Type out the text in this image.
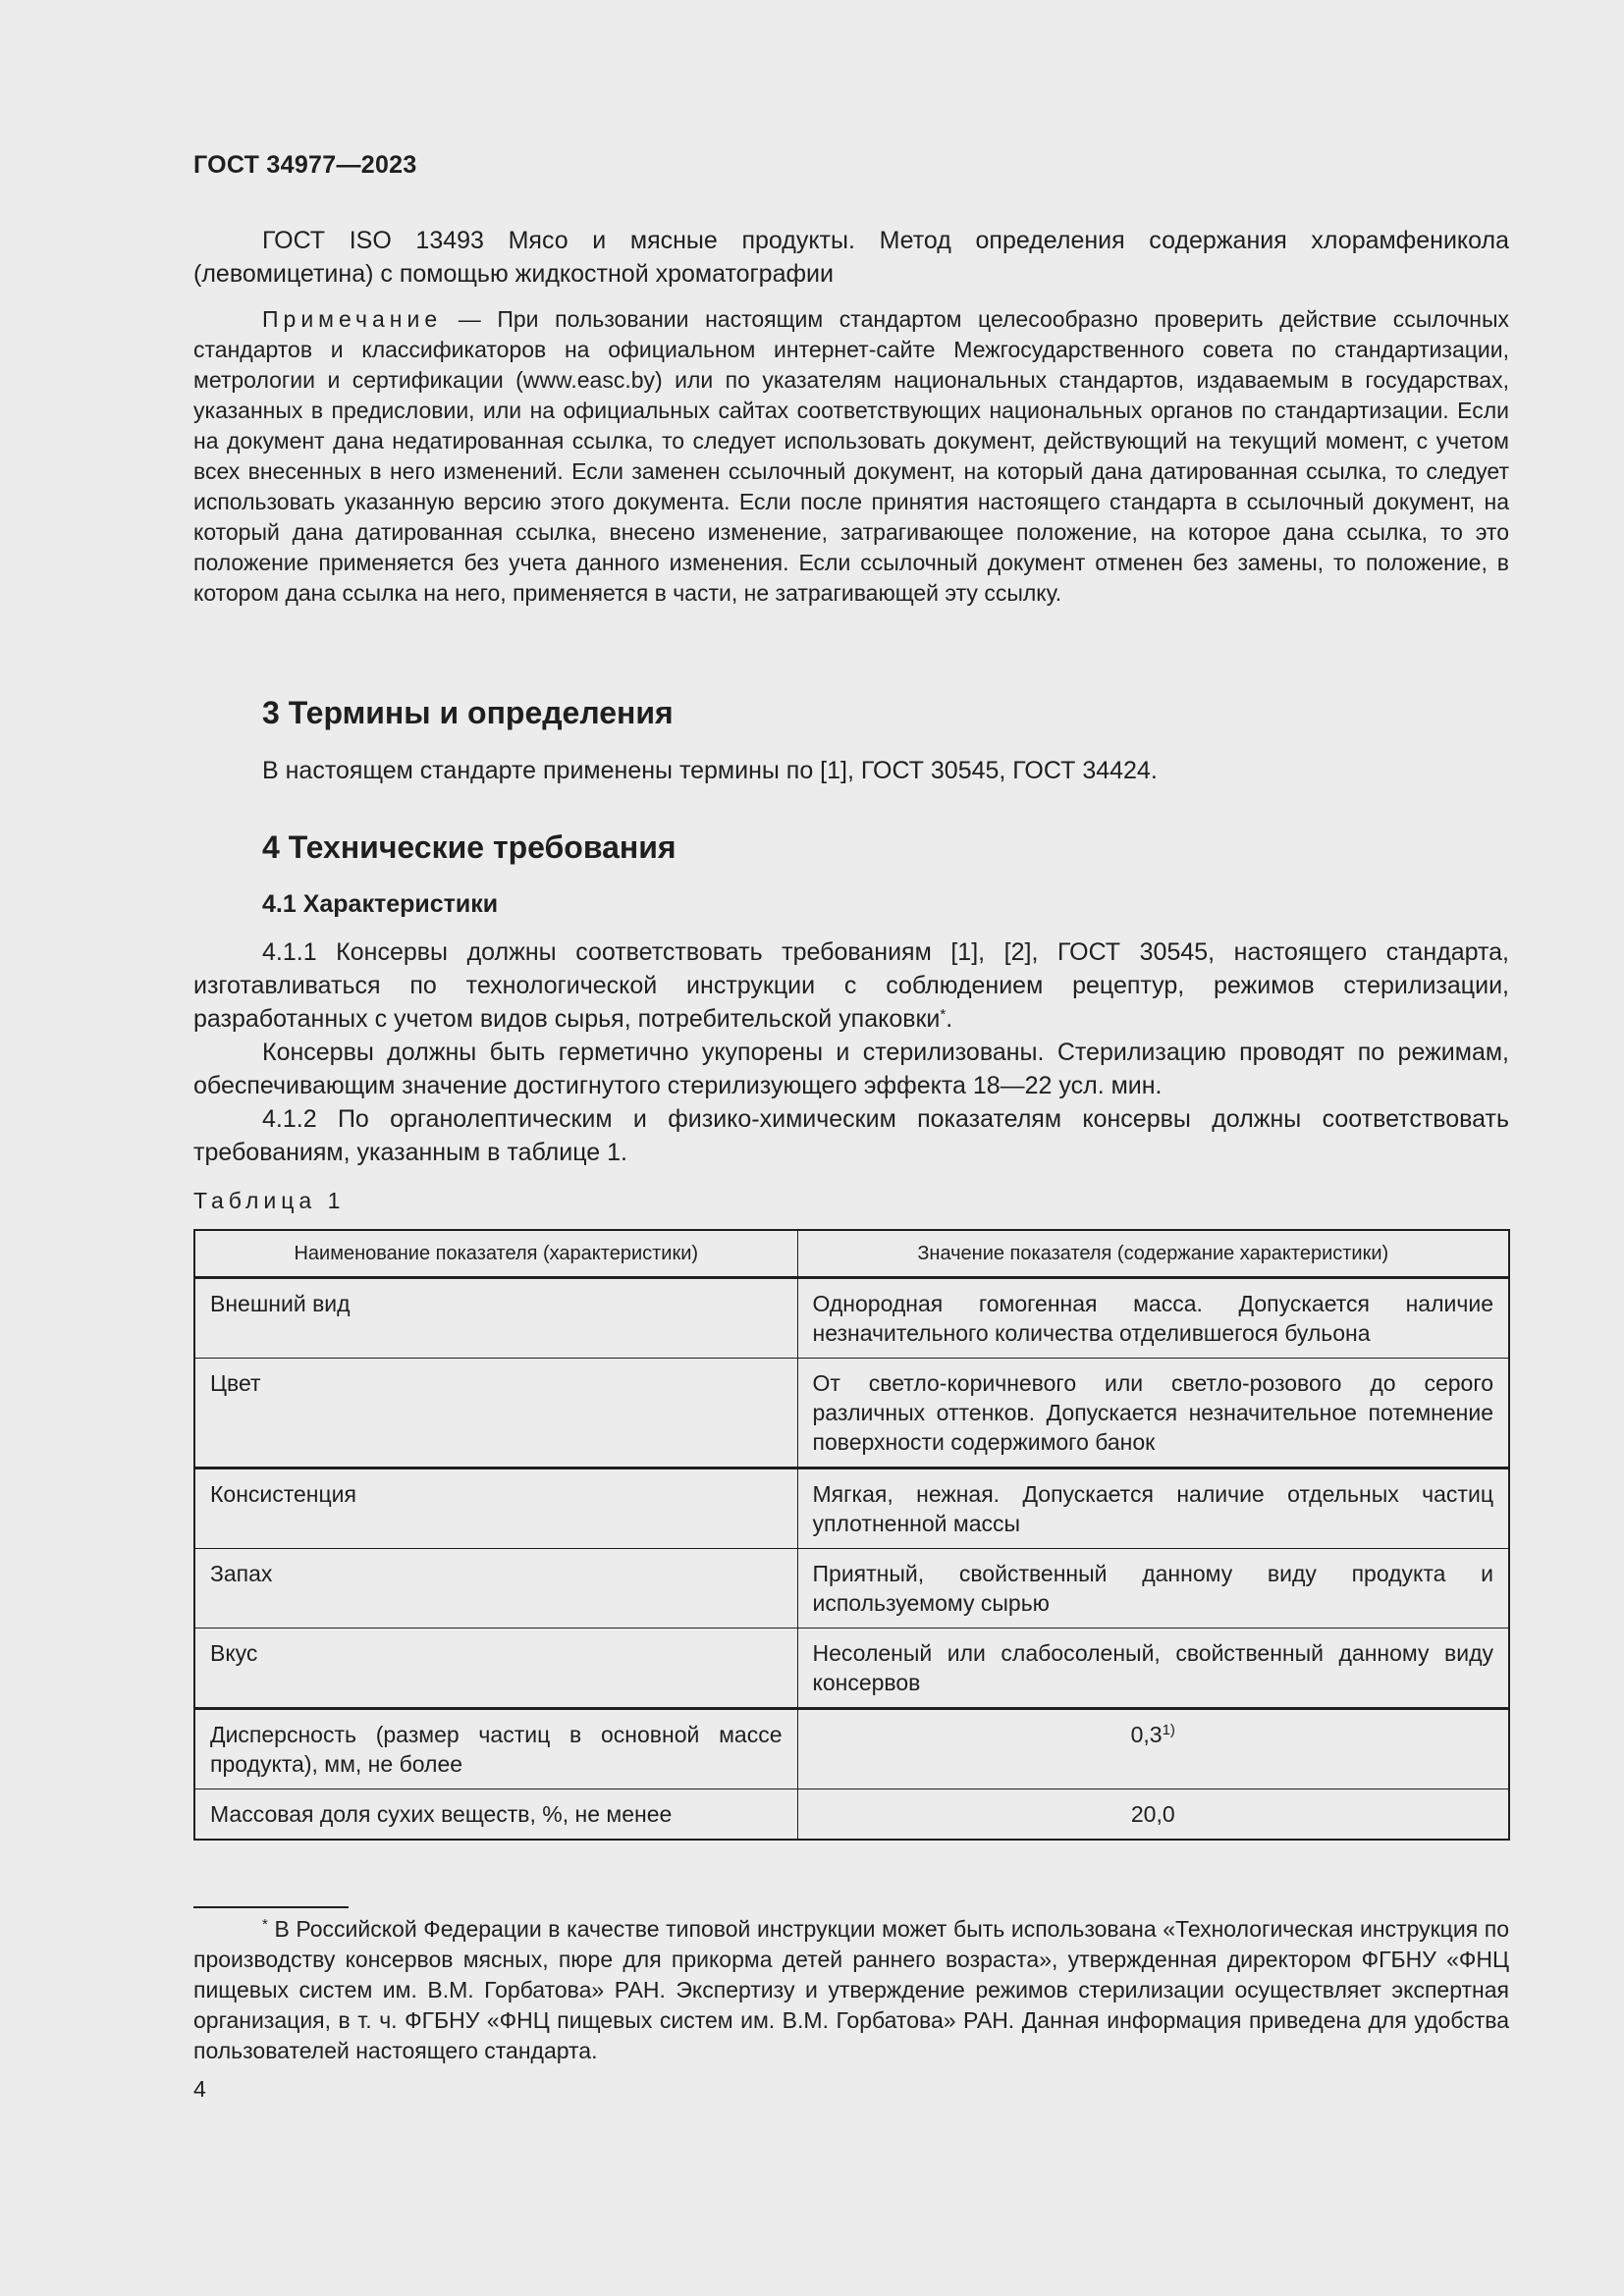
ГОСТ 34977—2023

ГОСТ ISO 13493 Мясо и мясные продукты. Метод определения содержания хлорамфеникола (левомицетина) с помощью жидкостной хроматографии

Примечание — При пользовании настоящим стандартом целесообразно проверить действие ссылочных стандартов и классификаторов на официальном интернет-сайте Межгосударственного совета по стандартизации, метрологии и сертификации (www.easc.by) или по указателям национальных стандартов, издаваемым в государствах, указанных в предисловии, или на официальных сайтах соответствующих национальных органов по стандартизации. Если на документ дана недатированная ссылка, то следует использовать документ, действующий на текущий момент, с учетом всех внесенных в него изменений. Если заменен ссылочный документ, на который дана датированная ссылка, то следует использовать указанную версию этого документа. Если после принятия настоящего стандарта в ссылочный документ, на который дана датированная ссылка, внесено изменение, затрагивающее положение, на которое дана ссылка, то это положение применяется без учета данного изменения. Если ссылочный документ отменен без замены, то положение, в котором дана ссылка на него, применяется в части, не затрагивающей эту ссылку.

3 Термины и определения

В настоящем стандарте применены термины по [1], ГОСТ 30545, ГОСТ 34424.

4 Технические требования
4.1 Характеристики

4.1.1 Консервы должны соответствовать требованиям [1], [2], ГОСТ 30545, настоящего стандарта, изготавливаться по технологической инструкции с соблюдением рецептур, режимов стерилизации, разработанных с учетом видов сырья, потребительской упаковки*.

Консервы должны быть герметично укупорены и стерилизованы. Стерилизацию проводят по режимам, обеспечивающим значение достигнутого стерилизующего эффекта 18—22 усл. мин.

4.1.2 По органолептическим и физико-химическим показателям консервы должны соответствовать требованиям, указанным в таблице 1.

Таблица 1
Наименование показателя (характеристики)	Значение показателя (содержание характеристики)
Внешний вид	Однородная гомогенная масса. Допускается наличие незначительного количества отделившегося бульона
Цвет	От светло-коричневого или светло-розового до серого различных оттенков. Допускается незначительное потемнение поверхности содержимого банок
Консистенция	Мягкая, нежная. Допускается наличие отдельных частиц уплотненной массы
Запах	Приятный, свойственный данному виду продукта и используемому сырью
Вкус	Несоленый или слабосоленый, свойственный данному виду консервов
Дисперсность (размер частиц в основной массе продукта), мм, не более	0,3$^{1)}$
Массовая доля сухих веществ, %, не менее	20,0

* В Российской Федерации в качестве типовой инструкции может быть использована «Технологическая инструкция по производству консервов мясных, пюре для прикорма детей раннего возраста», утвержденная директором ФГБНУ «ФНЦ пищевых систем им. В.М. Горбатова» РАН. Экспертизу и утверждение режимов стерилизации осуществляет экспертная организация, в т. ч. ФГБНУ «ФНЦ пищевых систем им. В.М. Горбатова» РАН. Данная информация приведена для удобства пользователей настоящего стандарта.

4
